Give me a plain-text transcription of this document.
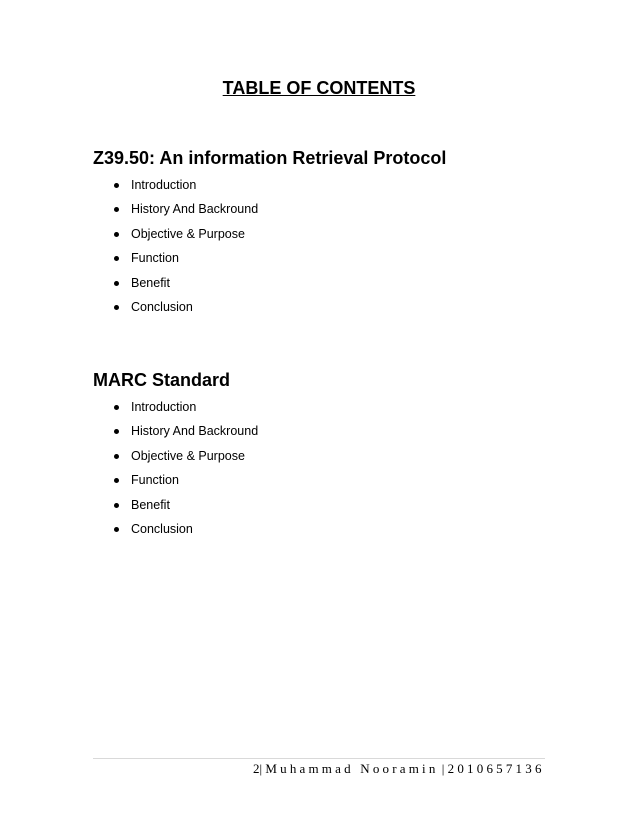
TABLE OF CONTENTS
Z39.50: An information Retrieval Protocol
Introduction
History And Backround
Objective & Purpose
Function
Benefit
Conclusion
MARC Standard
Introduction
History And Backround
Objective & Purpose
Function
Benefit
Conclusion
2| Muhammad Nooramin | 2010657136
